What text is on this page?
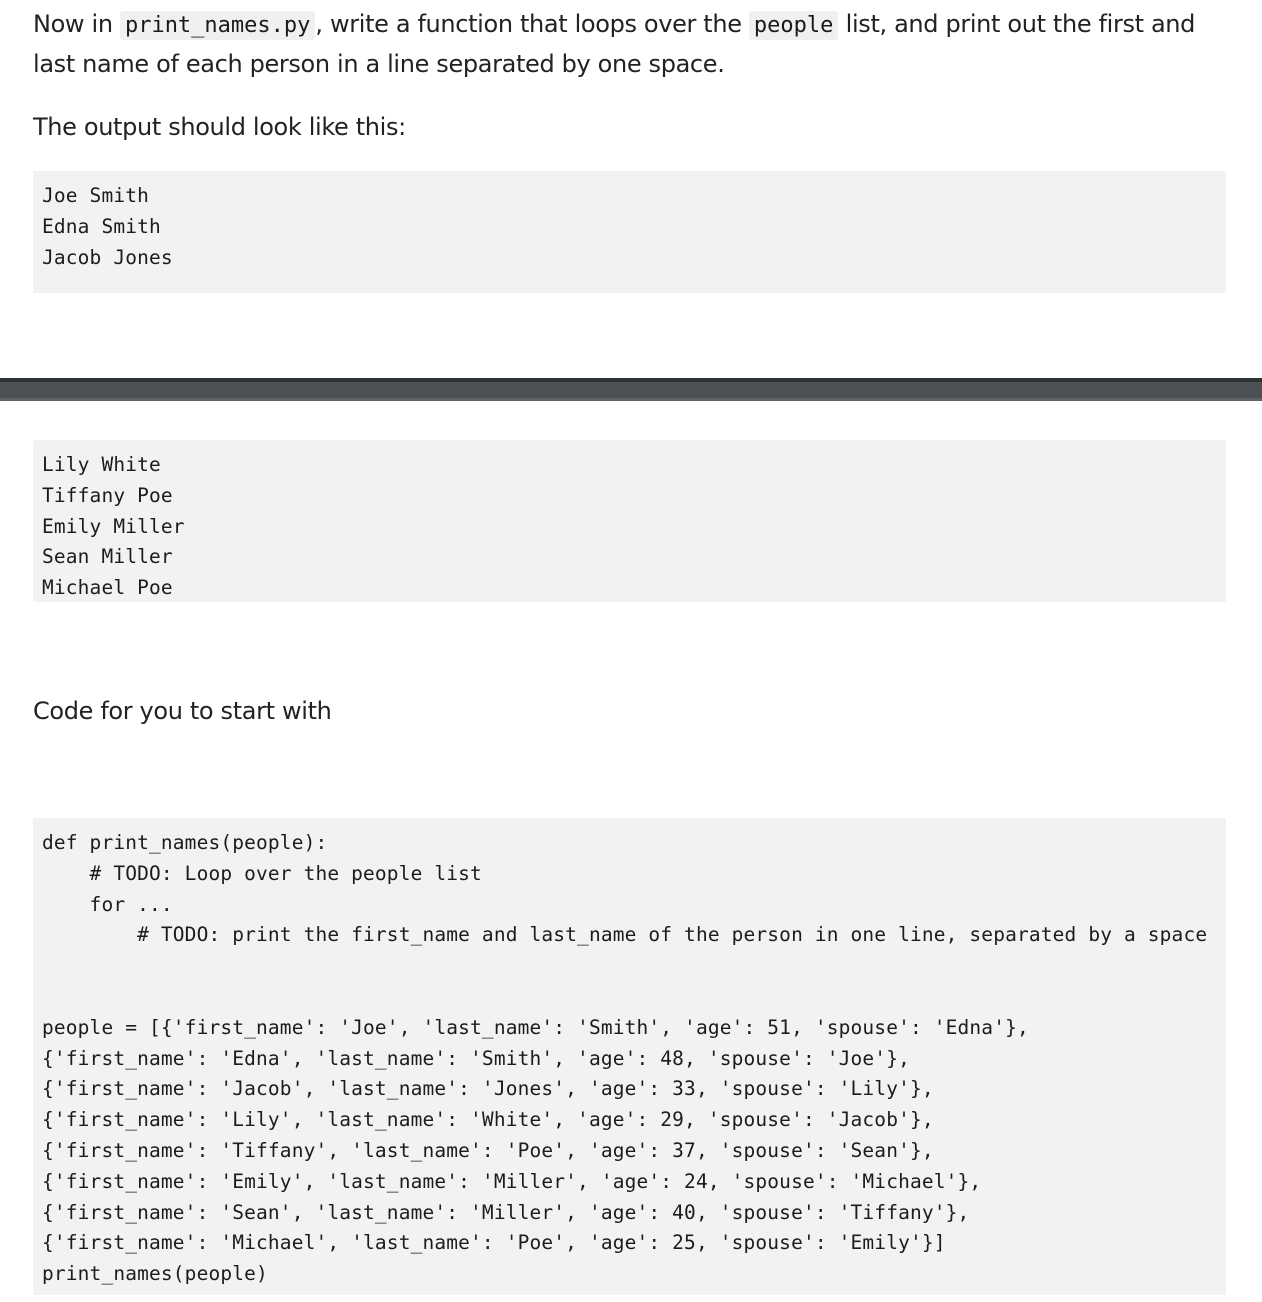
Now in print_names.py , write a function that loops over the people list, and print out the first and last name of each person in a line separated by one space.

The output should look like this:

Joe Smith
Edna Smith
Jacob Jones
Lily White
Tiffany Poe
Emily Miller
Sean Miller
Michael Poe

Code for you to start with

def print_names(people):
# TODO: Loop over the people list
for ...
# TODO: print the first_name and last_name of the person in one line, separated by a space
people = [{'first_name': 'Joe', 'last_name': 'Smith', 'age': 51, 'spouse': 'Edna'},
{'first_name': 'Edna', 'last_name': 'Smith', 'age': 48, 'spouse': 'Joe'},
{'first_name': 'Jacob', 'last_name': 'Jones', 'age': 33, 'spouse': 'Lily'},
{'first_name': 'Lily', 'last_name': 'White', 'age': 29, 'spouse': 'Jacob'},
{'first_name': 'Tiffany', 'last_name': 'Poe', 'age': 37, 'spouse': 'Sean'},
{'first_name': 'Emily', 'last_name': 'Miller', 'age': 24, 'spouse': 'Michael'},
{'first_name': 'Sean', 'last_name': 'Miller', 'age': 40, 'spouse': 'Tiffany'},
{'first_name': 'Michael', 'last_name': 'Poe', 'age': 25, 'spouse': 'Emily'}]
print_names(people)
